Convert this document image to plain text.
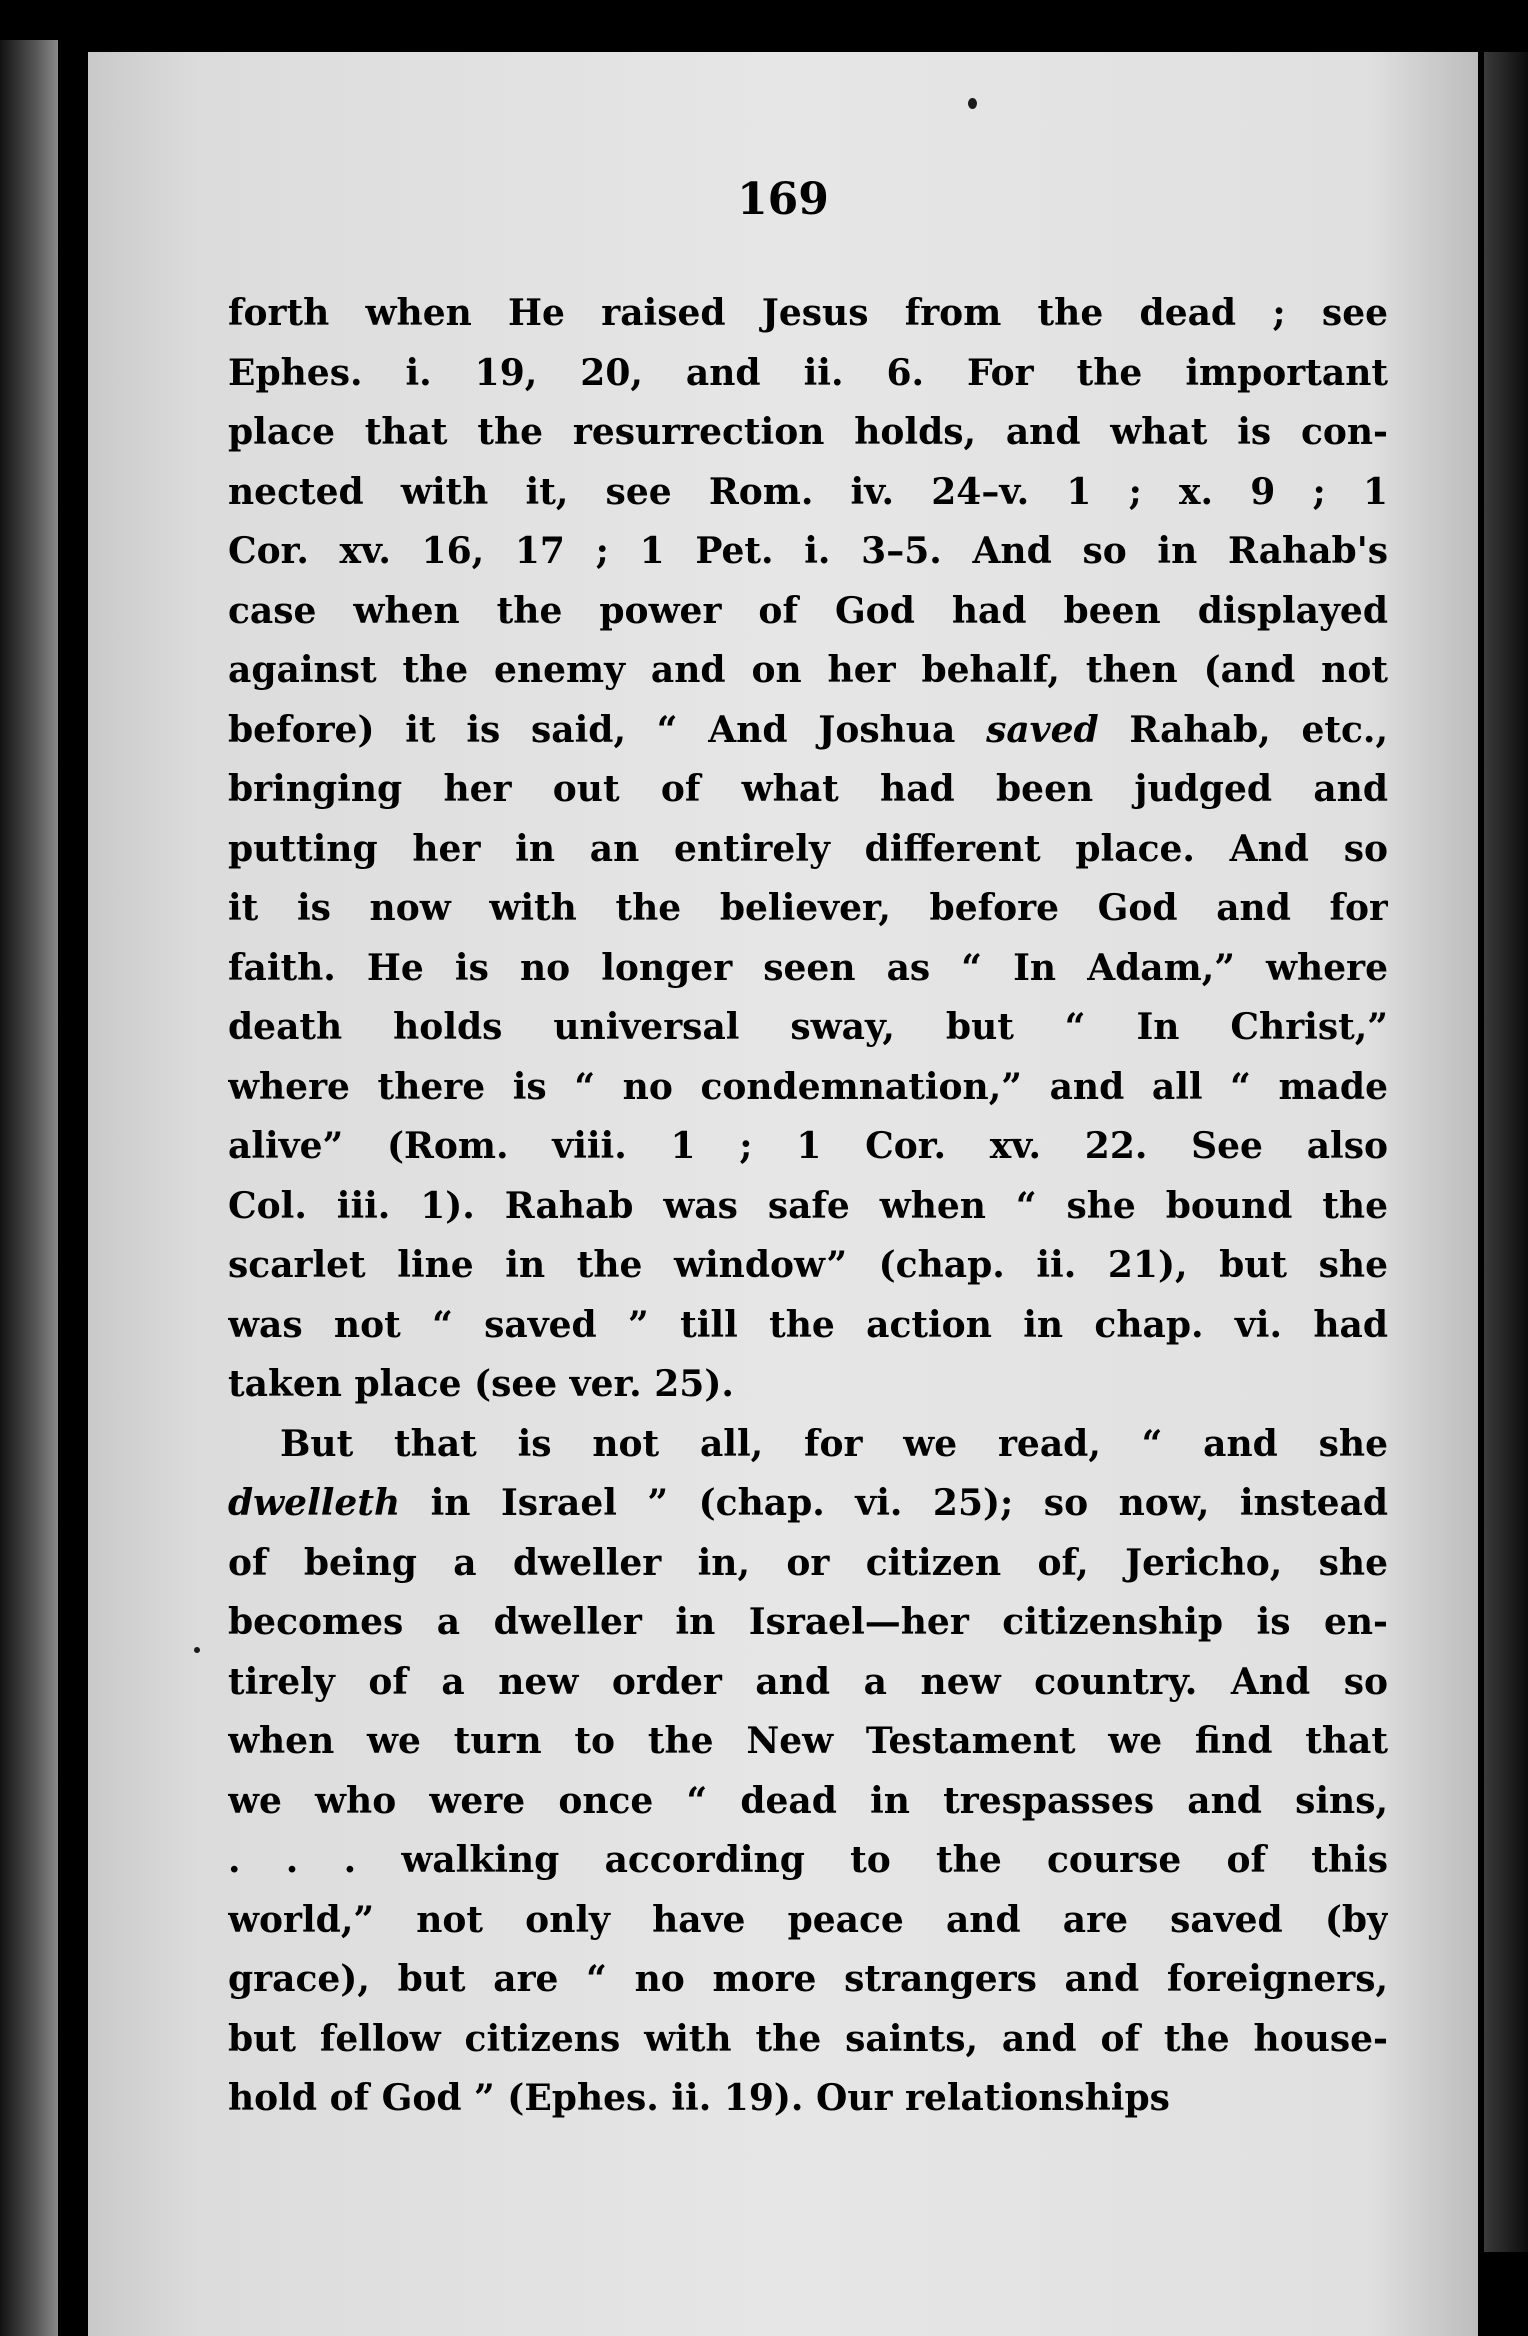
169
forth when He raised Jesus from the dead ; see
Ephes. i. 19, 20, and ii. 6. For the important
place that the resurrection holds, and what is con-
nected with it, see Rom. iv. 24–v. 1 ; x. 9 ; 1
Cor. xv. 16, 17 ; 1 Pet. i. 3–5. And so in Rahab's
case when the power of God had been displayed
against the enemy and on her behalf, then (and not
before) it is said, “ And Joshua saved Rahab, etc.,
bringing her out of what had been judged and
putting her in an entirely different place. And so
it is now with the believer, before God and for
faith. He is no longer seen as “ In Adam,” where
death holds universal sway, but “ In Christ,”
where there is “ no condemnation,” and all “ made
alive” (Rom. viii. 1 ; 1 Cor. xv. 22. See also
Col. iii. 1). Rahab was safe when “ she bound the
scarlet line in the window” (chap. ii. 21), but she
was not “ saved ” till the action in chap. vi. had
taken place (see ver. 25).
But that is not all, for we read, “ and she
dwelleth in Israel ” (chap. vi. 25); so now, instead
of being a dweller in, or citizen of, Jericho, she
becomes a dweller in Israel—her citizenship is en-
tirely of a new order and a new country. And so
when we turn to the New Testament we find that
we who were once “ dead in trespasses and sins,
. . . walking according to the course of this
world,” not only have peace and are saved (by
grace), but are “ no more strangers and foreigners,
but fellow citizens with the saints, and of the house-
hold of God ” (Ephes. ii. 19). Our relationships
